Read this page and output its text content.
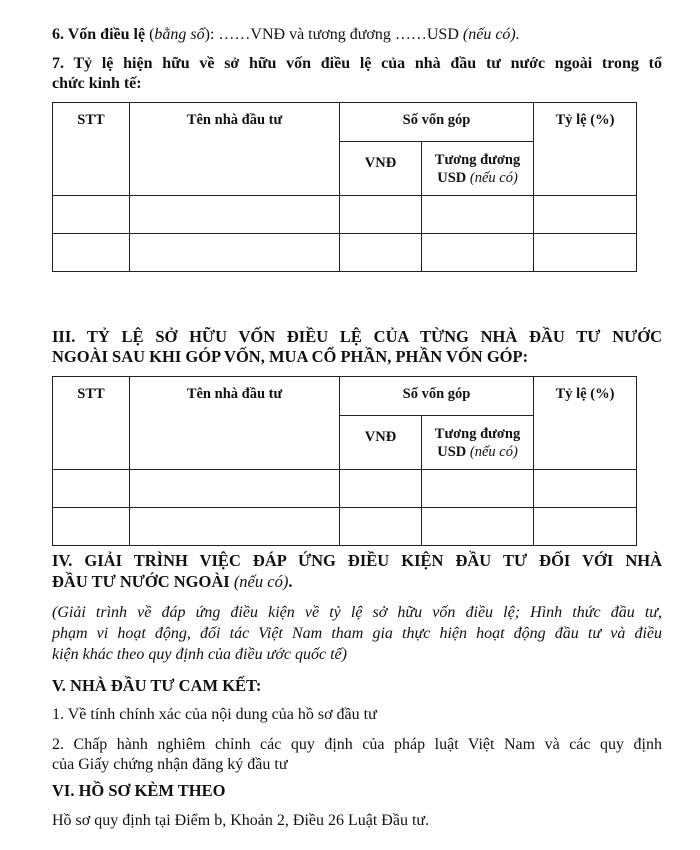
6. Vốn điều lệ (bằng số): ……VNĐ và tương đương ……USD (nếu có).
7. Tỷ lệ hiện hữu về sở hữu vốn điều lệ của nhà đầu tư nước ngoài trong tổ
chức kinh tế:
STT	Tên nhà đầu tư	Số vốn góp		Tỷ lệ (%)
		VNĐ	Tương đương
USD (nếu có)	

III. TỶ LỆ SỞ HỮU VỐN ĐIỀU LỆ CỦA TỪNG NHÀ ĐẦU TƯ NƯỚC
NGOÀI SAU KHI GÓP VỐN, MUA CỔ PHẦN, PHẦN VỐN GÓP:
STT	Tên nhà đầu tư	Số vốn góp		Tỷ lệ (%)
		VNĐ	Tương đương
USD (nếu có)	

IV. GIẢI TRÌNH VIỆC ĐÁP ỨNG ĐIỀU KIỆN ĐẦU TƯ ĐỐI VỚI NHÀ
ĐẦU TƯ NƯỚC NGOÀI (nếu có).
(Giải trình về đáp ứng điều kiện về tỷ lệ sở hữu vốn điều lệ; Hình thức đầu tư,
phạm vi hoạt động, đối tác Việt Nam tham gia thực hiện hoạt động đầu tư và điều
kiện khác theo quy định của điều ước quốc tế)
V. NHÀ ĐẦU TƯ CAM KẾT:
1. Về tính chính xác của nội dung của hồ sơ đầu tư
2. Chấp hành nghiêm chỉnh các quy định của pháp luật Việt Nam và các quy định
của Giấy chứng nhận đăng ký đầu tư
VI. HỒ SƠ KÈM THEO
Hồ sơ quy định tại Điểm b, Khoản 2, Điều 26 Luật Đầu tư.
